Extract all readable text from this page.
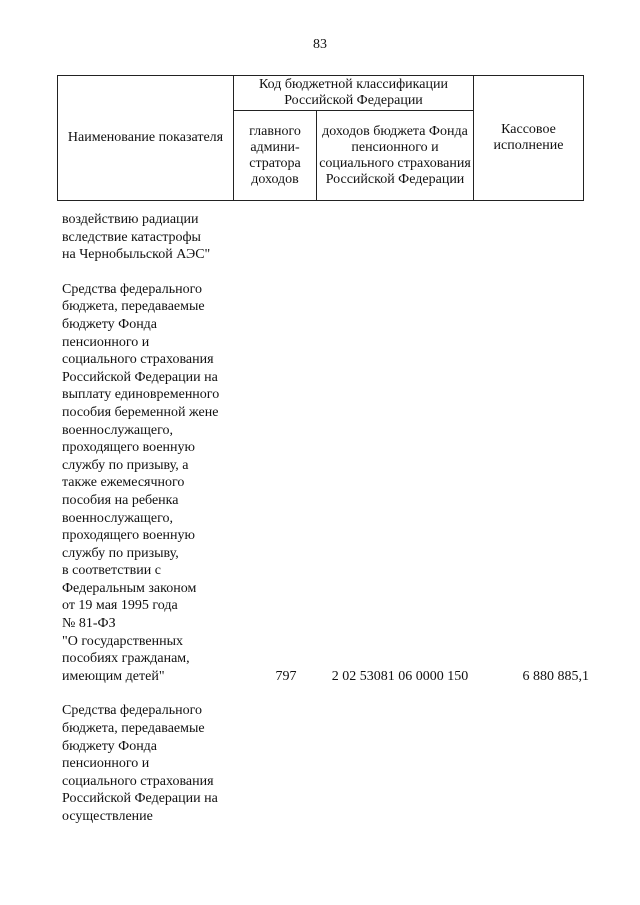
83
Наименование показателя	Код бюджетной классификации Российской Федерации		Кассовое исполнение
	главного админи-стратора доходов	доходов бюджета Фонда пенсионного и социального страхования Российской Федерации	
воздействию радиации
вследствие катастрофы
на Чернобыльской АЭС"
Средства федерального
бюджета, передаваемые
бюджету Фонда
пенсионного и
социального страхования
Российской Федерации на
выплату единовременного
пособия беременной жене
военнослужащего,
проходящего военную
службу по призыву, а
также ежемесячного
пособия на ребенка
военнослужащего,
проходящего военную
службу по призыву,
в соответствии с
Федеральным законом
от 19 мая 1995 года
№ 81-ФЗ
"О государственных
пособиях гражданам,
имеющим детей"	797	2 02 53081 06 0000 150	6 880 885,1
Средства федерального
бюджета, передаваемые
бюджету Фонда
пенсионного и
социального страхования
Российской Федерации на
осуществление
